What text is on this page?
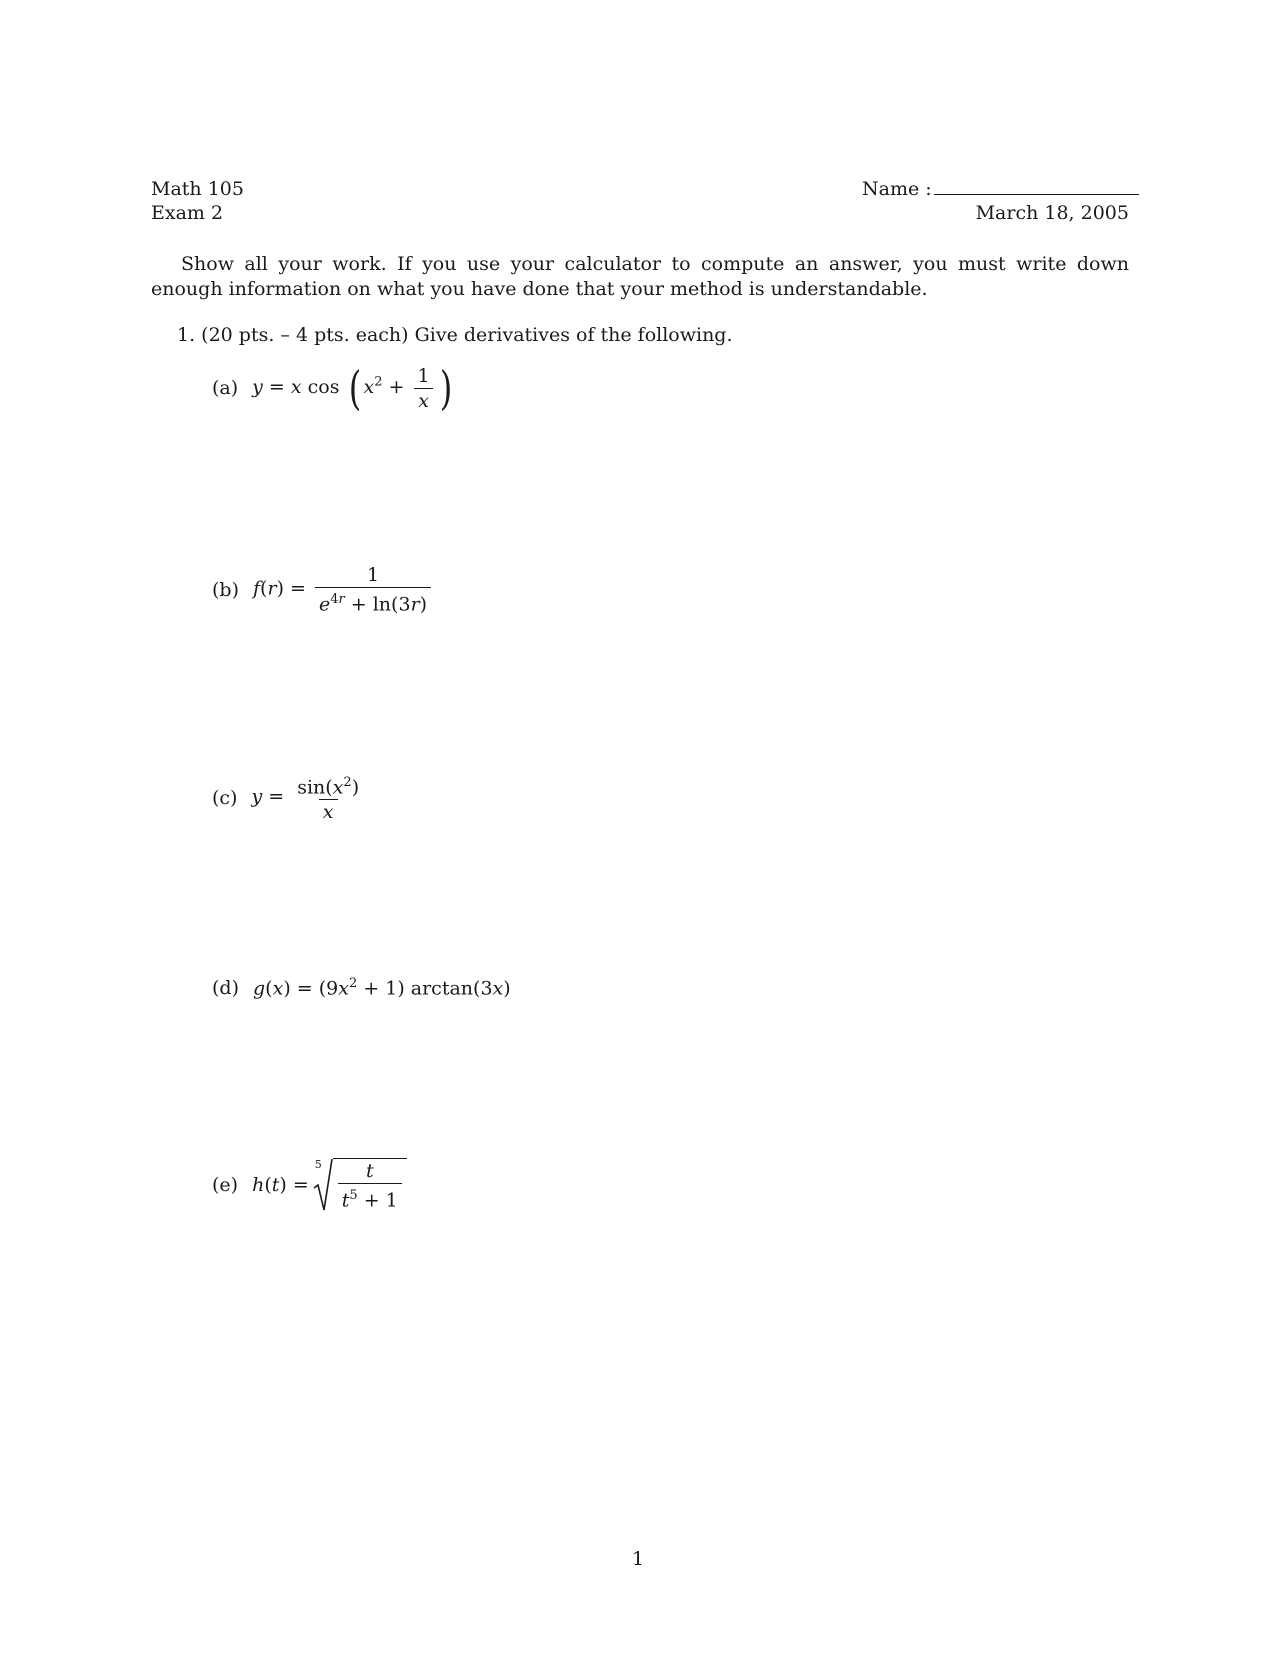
Math 105
Exam 2
Name :
March 18, 2005
Show all your work. If you use your calculator to compute an answer, you must write down enough information on what you have done that your method is understandable.
1. (20 pts. – 4 pts. each) Give derivatives of the following.
(a) y = x cos ( $x^2 + \frac{1}{x}$ )
(b) $f(r) = \frac{1}{e^{4r} + \ln(3r)}$
(c) $y = \frac{\sin(x^2)}{x}$
(d) $g(x) = (9x^2 + 1)$ arctan(3x)
(e) h(t) =
$5 \frac{t}{t^5 + 1}$
1
